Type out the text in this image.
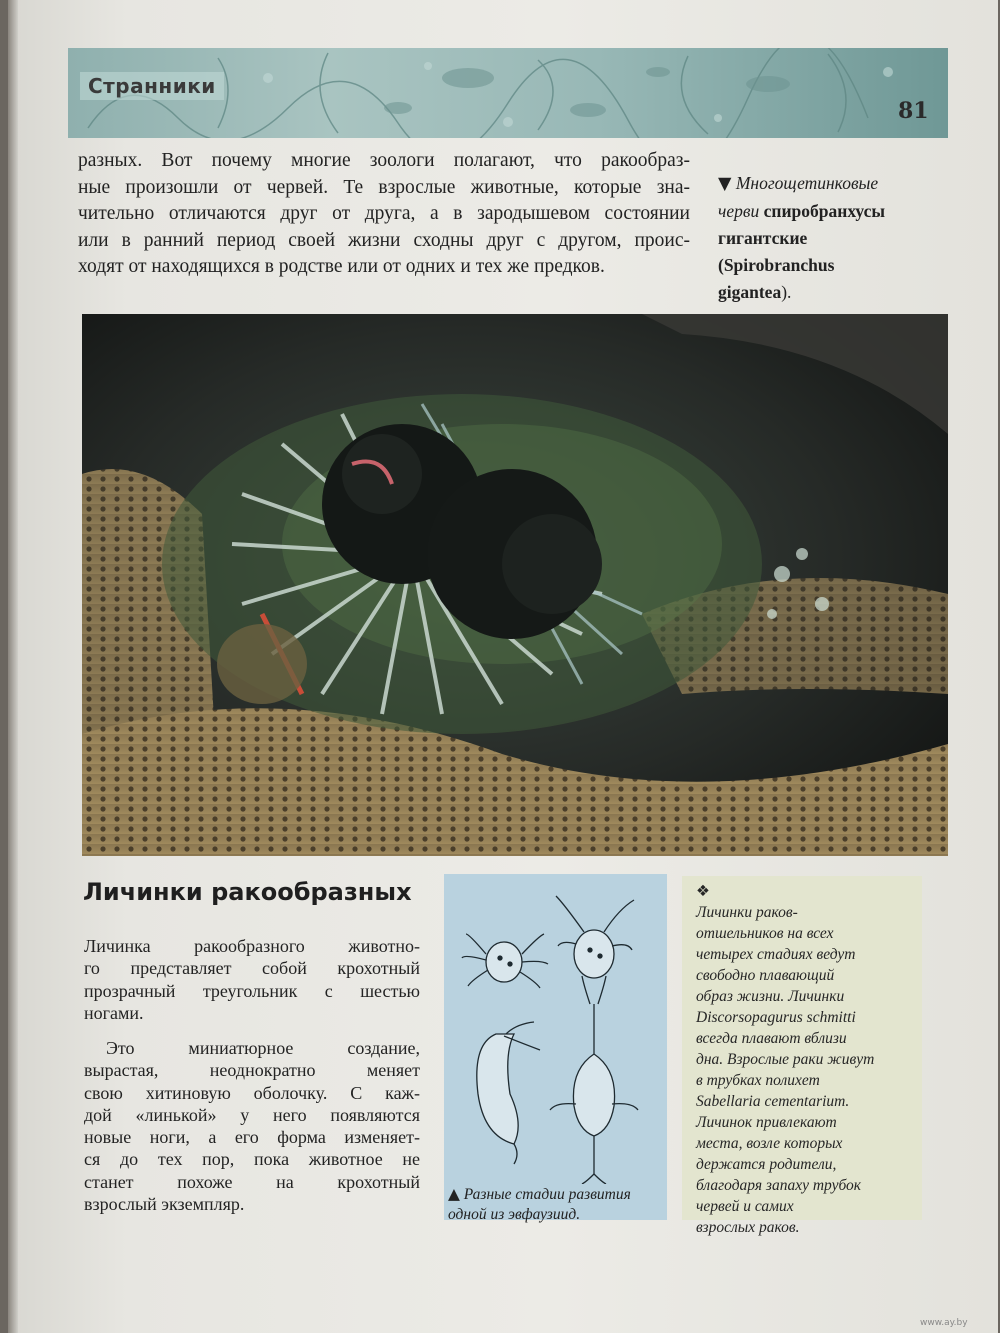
Странники
81
разных. Вот почему многие зоологи полагают, что ракообраз-
ные произошли от червей. Те взрослые животные, которые зна-
чительно отличаются друг от друга, а в зародышевом состоянии
или в ранний период своей жизни сходны друг с другом, проис-
ходят от находящихся в родстве или от одних и тех же предков.
▼ Многощетинковые
черви спиробранхусы
гигантские
(Spirobranchus
gigantea).
Личинки ракообразных
Личинка ракообразного животно-
го представляет собой крохотный
прозрачный треугольник с шестью
ногами.
Это миниатюрное создание,
вырастая, неоднократно меняет
свою хитиновую оболочку. С каж-
дой «линькой» у него появляются
новые ноги, а его форма изменяет-
ся до тех пор, пока животное не
станет похоже на крохотный
взрослый экземпляр.
▲ Разные стадии развития
одной из эвфаузиид.
❖
Личинки раков-
отшельников на всех
четырех стадиях ведут
свободно плавающий
образ жизни. Личинки
Discorsopagurus schmitti
всегда плавают вблизи
дна. Взрослые раки живут
в трубках полихет
Sabellaria cementarium.
Личинок привлекают
места, возле которых
держатся родители,
благодаря запаху трубок
червей и самих
взрослых раков.
www.ay.by
